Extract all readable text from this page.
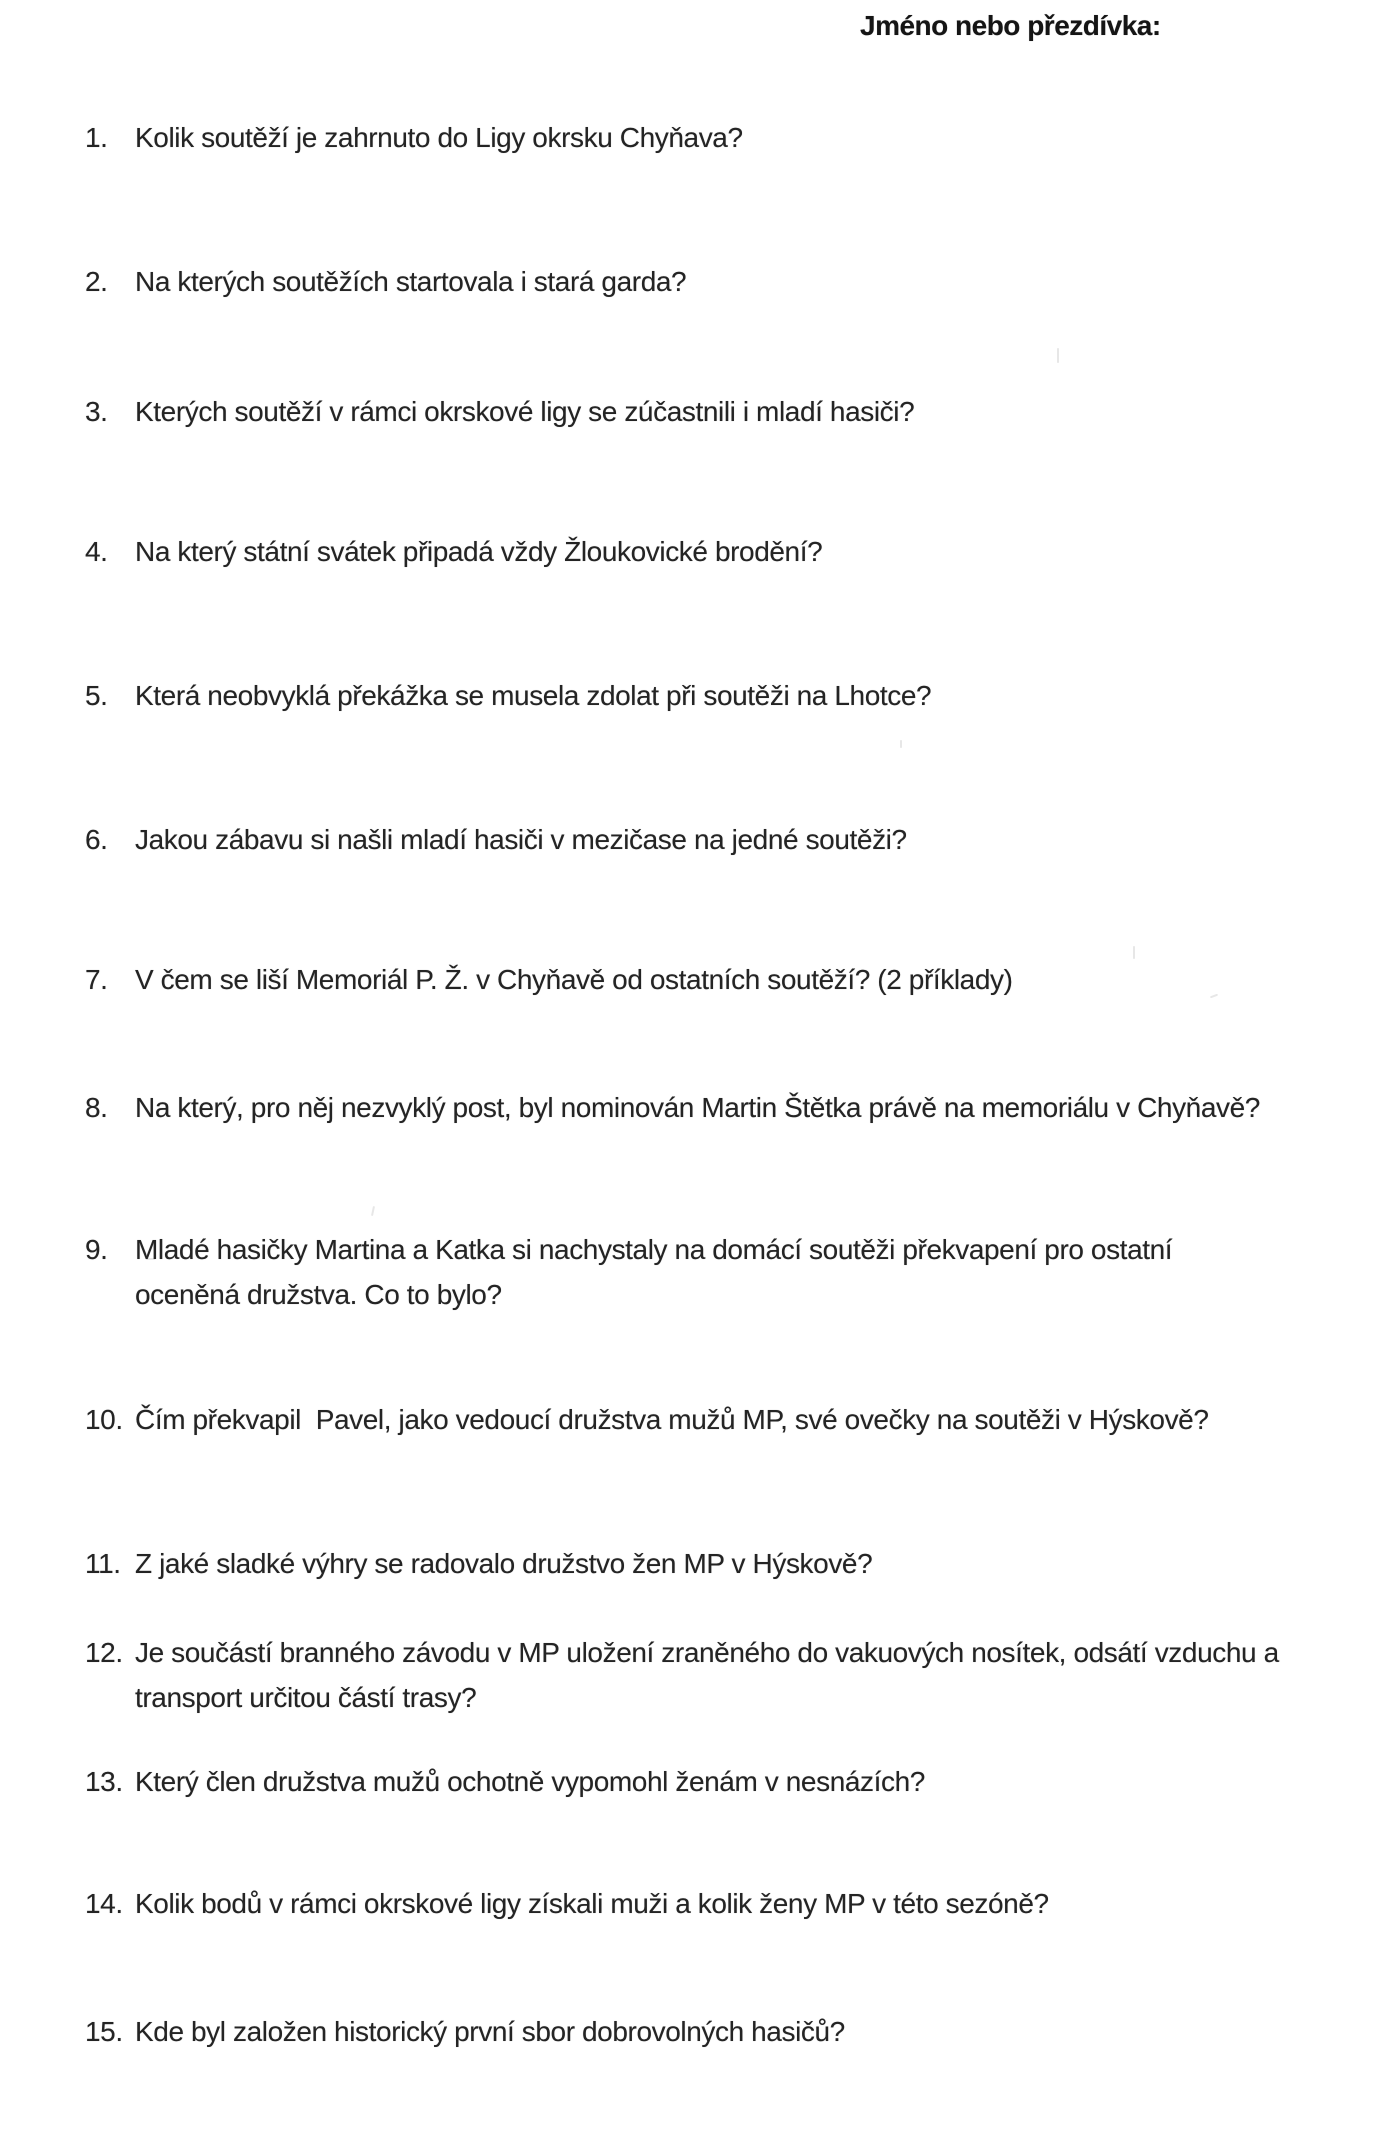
Jméno nebo přezdívka:
1. Kolik soutěží je zahrnuto do Ligy okrsku Chyňava?
2. Na kterých soutěžích startovala i stará garda?
3. Kterých soutěží v rámci okrskové ligy se zúčastnili i mladí hasiči?
4. Na který státní svátek připadá vždy Žloukovické brodění?
5. Která neobvyklá překážka se musela zdolat při soutěži na Lhotce?
6. Jakou zábavu si našli mladí hasiči v mezičase na jedné soutěži?
7. V čem se liší Memoriál P. Ž. v Chyňavě od ostatních soutěží? (2 příklady)
8. Na který, pro něj nezvyklý post, byl nominován Martin Štětka právě na memoriálu v Chyňavě?
9. Mladé hasičky Martina a Katka si nachystaly na domácí soutěži překvapení pro ostatní
oceněná družstva. Co to bylo?
10. Čím překvapil  Pavel, jako vedoucí družstva mužů MP, své ovečky na soutěži v Hýskově?
11. Z jaké sladké výhry se radovalo družstvo žen MP v Hýskově?
12. Je součástí branného závodu v MP uložení zraněného do vakuových nosítek, odsátí vzduchu a
transport určitou částí trasy?
13. Který člen družstva mužů ochotně vypomohl ženám v nesnázích?
14. Kolik bodů v rámci okrskové ligy získali muži a kolik ženy MP v této sezóně?
15. Kde byl založen historický první sbor dobrovolných hasičů?
